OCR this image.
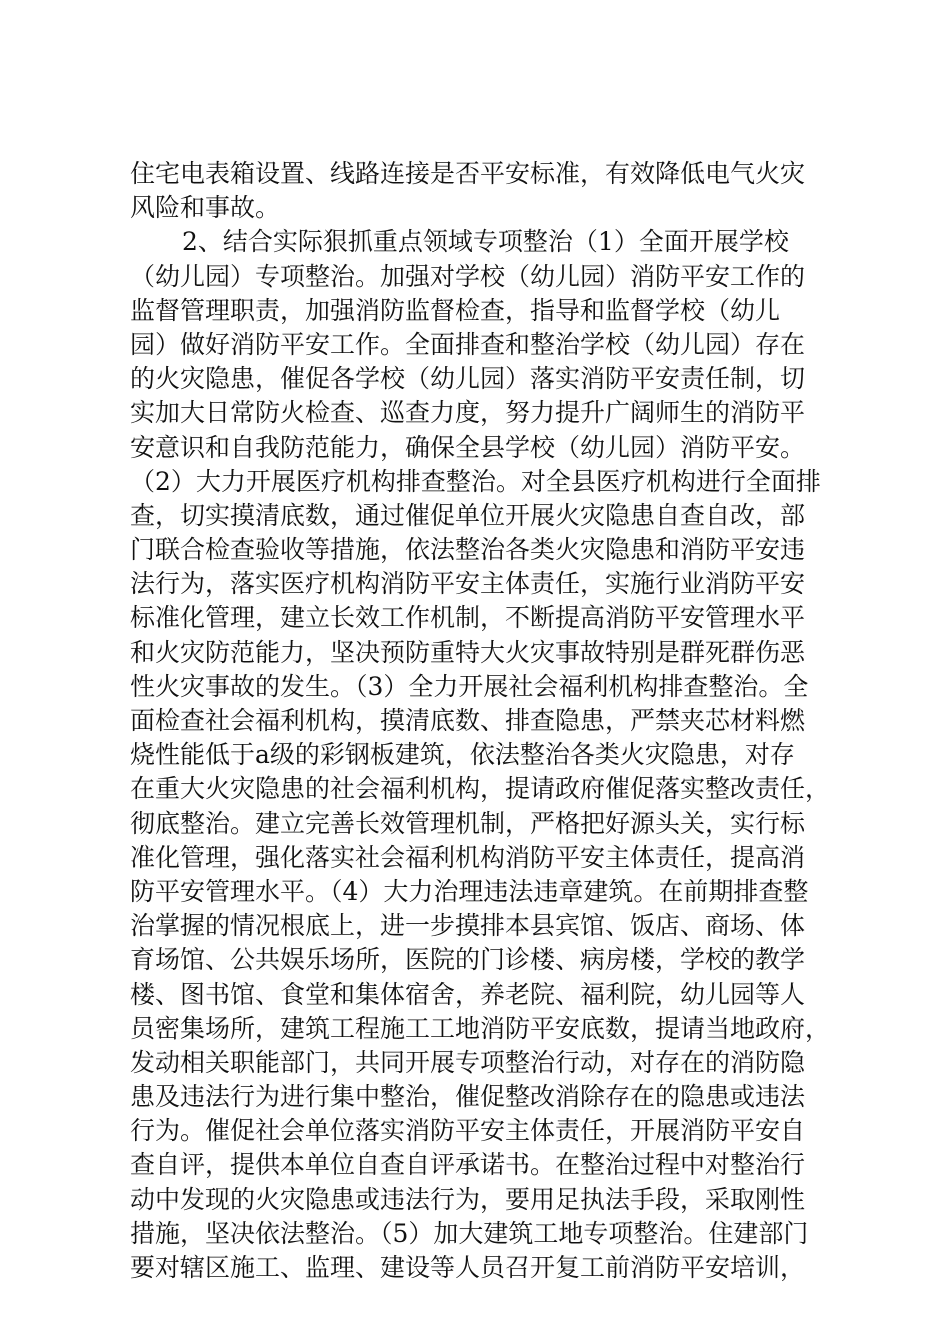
住宅电表箱设置、线路连接是否平安标准，有效降低电气火灾
风险和事故。
2、结合实际狠抓重点领域专项整治（1）全面开展学校
（幼儿园）专项整治。加强对学校（幼儿园）消防平安工作的
监督管理职责，加强消防监督检查，指导和监督学校（幼儿
园）做好消防平安工作。全面排查和整治学校（幼儿园）存在
的火灾隐患，催促各学校（幼儿园）落实消防平安责任制，切
实加大日常防火检查、巡查力度，努力提升广阔师生的消防平
安意识和自我防范能力，确保全县学校（幼儿园）消防平安。
（2）大力开展医疗机构排查整治。对全县医疗机构进行全面排
查，切实摸清底数，通过催促单位开展火灾隐患自查自改，部
门联合检查验收等措施，依法整治各类火灾隐患和消防平安违
法行为，落实医疗机构消防平安主体责任，实施行业消防平安
标准化管理，建立长效工作机制，不断提高消防平安管理水平
和火灾防范能力，坚决预防重特大火灾事故特别是群死群伤恶
性火灾事故的发生。（3）全力开展社会福利机构排查整治。全
面检查社会福利机构，摸清底数、排查隐患，严禁夹芯材料燃
烧性能低于a级的彩钢板建筑，依法整治各类火灾隐患，对存
在重大火灾隐患的社会福利机构，提请政府催促落实整改责任，
彻底整治。建立完善长效管理机制，严格把好源头关，实行标
准化管理，强化落实社会福利机构消防平安主体责任，提高消
防平安管理水平。（4）大力治理违法违章建筑。在前期排查整
治掌握的情况根底上，进一步摸排本县宾馆、饭店、商场、体
育场馆、公共娱乐场所，医院的门诊楼、病房楼，学校的教学
楼、图书馆、食堂和集体宿舍，养老院、福利院，幼儿园等人
员密集场所，建筑工程施工工地消防平安底数，提请当地政府，
发动相关职能部门，共同开展专项整治行动，对存在的消防隐
患及违法行为进行集中整治，催促整改消除存在的隐患或违法
行为。催促社会单位落实消防平安主体责任，开展消防平安自
查自评，提供本单位自查自评承诺书。在整治过程中对整治行
动中发现的火灾隐患或违法行为，要用足执法手段，采取刚性
措施，坚决依法整治。（5）加大建筑工地专项整治。住建部门
要对辖区施工、监理、建设等人员召开复工前消防平安培训，
